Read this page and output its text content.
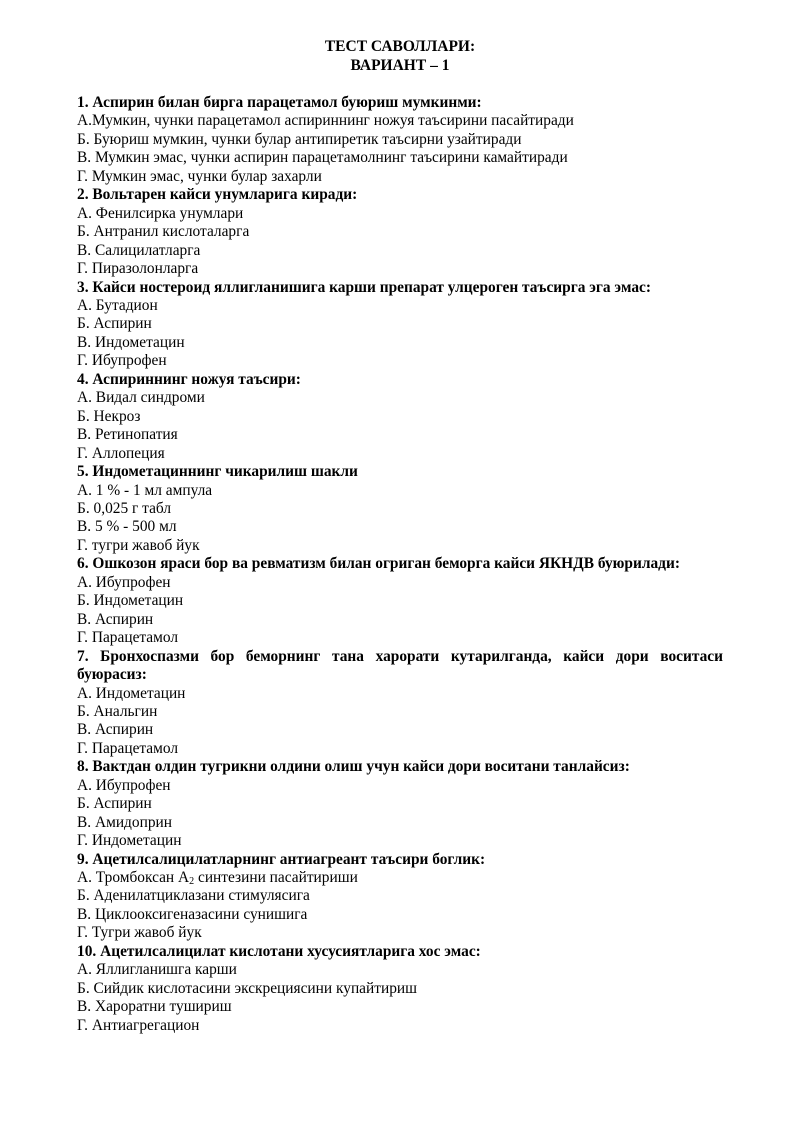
ТЕСТ САВОЛЛАРИ:
ВАРИАНТ – 1

1. Аспирин билан бирга парацетамол буюриш мумкинми:

А.Мумкин, чунки парацетамол аспириннинг ножуя таъсирини пасайтиради

Б. Буюриш мумкин, чунки булар антипиретик таъсирни узайтиради

В. Мумкин эмас, чунки аспирин парацетамолнинг таъсирини камайтиради

Г. Мумкин эмас, чунки булар захарли

2. Вольтарен кайси унумларига киради:

А. Фенилсирка унумлари

Б. Антранил кислоталарга

В. Салицилатларга

Г. Пиразолонларга

3. Кайси ностероид яллигланишига карши препарат улцероген таъсирга эга эмас:

А. Бутадион

Б. Аспирин

В. Индометацин

Г. Ибупрофен

4. Аспириннинг ножуя таъсири:

А. Видал синдроми

Б. Некроз

В. Ретинопатия

Г. Аллопеция

5. Индометациннинг чикарилиш шакли

А. 1 % - 1 мл ампула

Б. 0,025 г табл

В. 5 % - 500 мл

Г. тугри жавоб йук

6. Ошкозон яраси бор ва ревматизм билан огриган беморга кайси ЯКНДВ буюрилади:

А. Ибупрофен

Б. Индометацин

В. Аспирин

Г. Парацетамол

7. Бронхоспазми бор беморнинг тана харорати кутарилганда, кайси дори воситаси буюрасиз:

А. Индометацин

Б. Анальгин

В. Аспирин

Г. Парацетамол

8. Вактдан олдин тугрикни олдини олиш учун кайси дори воситани танлайсиз:

А. Ибупрофен

Б. Аспирин

В. Амидоприн

Г. Индометацин

9. Ацетилсалицилатларнинг антиагреант таъсири боглик:

А. Тромбоксан $А_2$ синтезини пасайтириши

Б. Аденилатциклазани стимулясига

В. Циклооксигеназасини сунишига

Г. Тугри жавоб йук

10. Ацетилсалицилат кислотани хусусиятларига хос эмас:

А. Яллигланишга карши

Б. Сийдик кислотасини экскрециясини купайтириш

В. Хароратни тушириш

Г. Антиагрегацион
